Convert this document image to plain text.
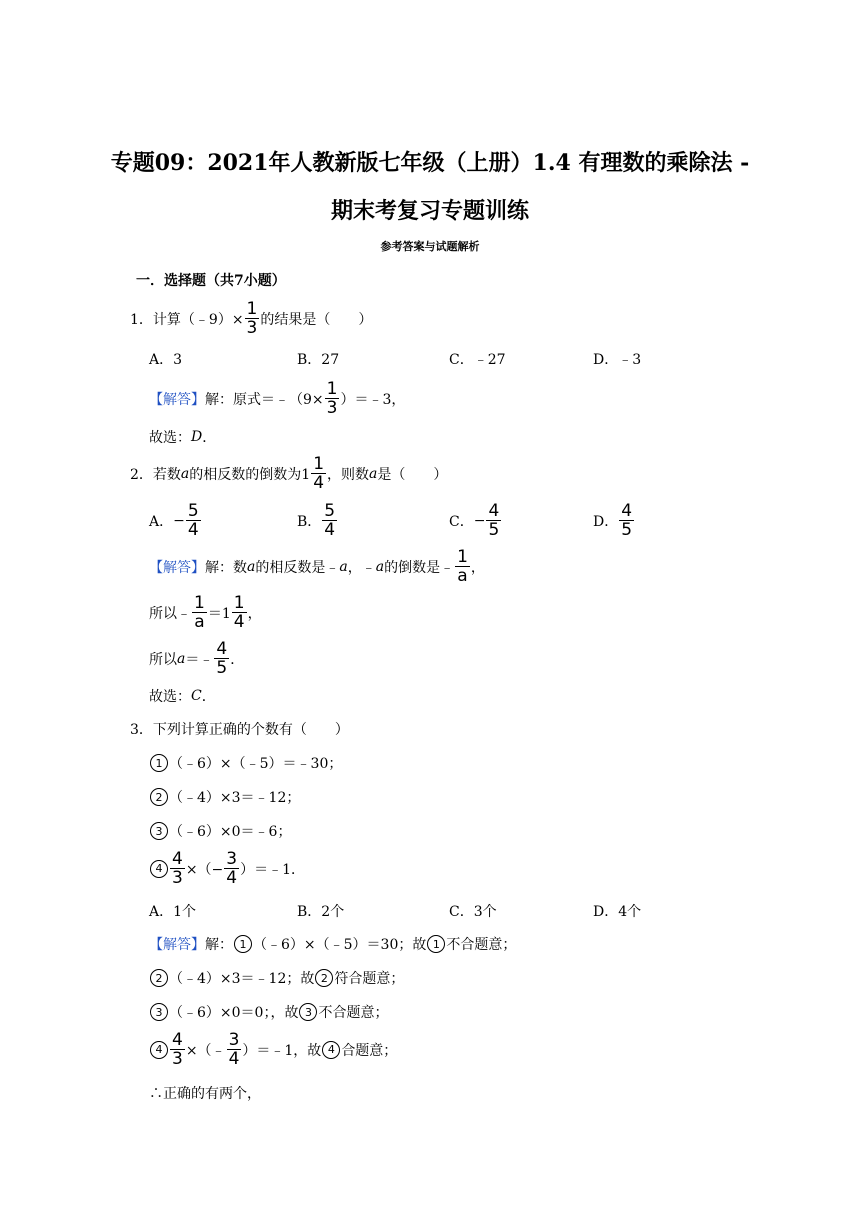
专题09：2021年人教新版七年级（上册）1.4 有理数的乘除法 -
期末考复习专题训练
参考答案与试题解析
一．选择题（共7小题）
1．计算（﹣9）× $\frac{1}{3}$ 的结果是（　　）
A．3	B．27	C．﹣27	D．﹣3
【解答】 解：原式＝﹣（9× $\frac{1}{3}$ ）＝﹣3，
故选： D ．
2．若数 a 的相反数的倒数为$1 \frac{1}{4}$ ，则数 a 是（　　）
A． − $\frac{5}{4}$	B． $\frac{5}{4}$	C． − $\frac{4}{5}$	D． $\frac{4}{5}$
【解答】 解：数 a 的相反数是﹣ a ，﹣ a 的倒数是﹣ $\frac{1}{a}$ ，
所以﹣ $\frac{1}{a} =1 \frac{1}{4}$ ，
所以 a ＝﹣ $\frac{4}{5}$ ．
故选： C ．
3．下列计算正确的个数有（　　）
1 （﹣6）×（﹣5）＝﹣30；
2 （﹣4）×3＝﹣12；
3 （﹣6）×0＝﹣6；
$4 \frac{4}{3}$ ×（− $\frac{3}{4}$ ）＝﹣1．
A．1个	B．2个	C．3个	D．4个
【解答】 解： 1 （﹣6）×（﹣5）＝30；故 1 不合题意；
2 （﹣4）×3＝﹣12；故 2 符合题意；
3 （﹣6）×0＝0；，故 3 不合题意；
$4 \frac{4}{3}$ ×（﹣ $\frac{3}{4}$ ）＝﹣1，故 4 合题意；
∴正确的有两个，
